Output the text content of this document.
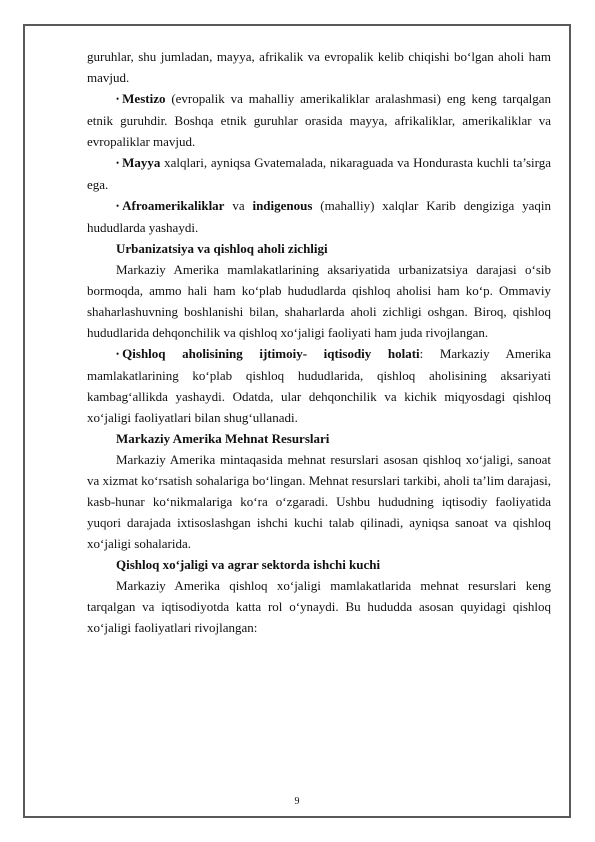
guruhlar, shu jumladan, mayya, afrikalik va evropalik kelib chiqishi bo‘lgan aholi ham mavjud.

• Mestizo (evropalik va mahalliy amerikaliklar aralashmasi) eng keng tarqalgan etnik guruhdir. Boshqa etnik guruhlar orasida mayya, afrikaliklar, amerikaliklar va evropaliklar mavjud.

• Mayya xalqlari, ayniqsa Gvatemalada, nikaraguada va Hondurasta kuchli ta’sirga ega.

• Afroamerikaliklar va indigenous (mahalliy) xalqlar Karib dengiziga yaqin hududlarda yashaydi.

Urbanizatsiya va qishloq aholi zichligi

Markaziy Amerika mamlakatlarining aksariyatida urbanizatsiya darajasi o‘sib bormoqda, ammo hali ham ko‘plab hududlarda qishloq aholisi ham ko‘p. Ommaviy shaharlashuvning boshlanishi bilan, shaharlarda aholi zichligi oshgan. Biroq, qishloq hududlarida dehqonchilik va qishloq xo‘jaligi faoliyati ham juda rivojlangan.

• Qishloq aholisining ijtimoiy- iqtisodiy holati: Markaziy Amerika mamlakatlarining ko‘plab qishloq hududlarida, qishloq aholisining aksariyati kambag‘allikda yashaydi. Odatda, ular dehqonchilik va kichik miqyosdagi qishloq xo‘jaligi faoliyatlari bilan shug‘ullanadi.

Markaziy Amerika Mehnat Resurslari

Markaziy Amerika mintaqasida mehnat resurslari asosan qishloq xo‘jaligi, sanoat va xizmat ko‘rsatish sohalariga bo‘lingan. Mehnat resurslari tarkibi, aholi ta’lim darajasi, kasb-hunar ko‘nikmalariga ko‘ra o‘zgaradi. Ushbu hududning iqtisodiy faoliyatida yuqori darajada ixtisoslashgan ishchi kuchi talab qilinadi, ayniqsa sanoat va qishloq xo‘jaligi sohalarida.

Qishloq xo‘jaligi va agrar sektorda ishchi kuchi

Markaziy Amerika qishloq xo‘jaligi mamlakatlarida mehnat resurslari keng tarqalgan va iqtisodiyotda katta rol o‘ynaydi. Bu hududda asosan quyidagi qishloq xo‘jaligi faoliyatlari rivojlangan:

9
